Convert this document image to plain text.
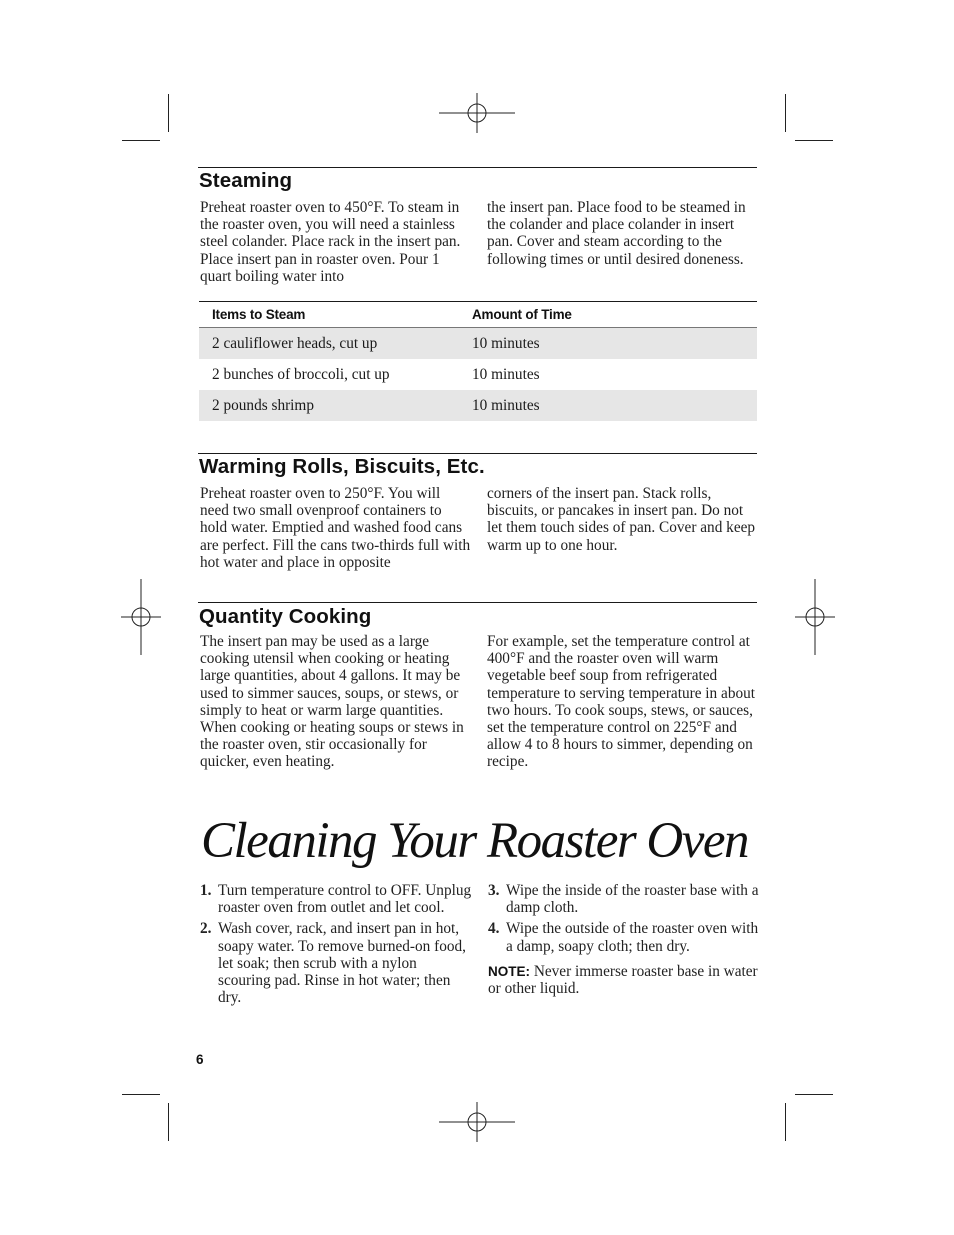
Steaming

Preheat roaster oven to 450°F. To steam in the roaster oven, you will need a stainless steel colander. Place rack in the insert pan. Place insert pan in roaster oven. Pour 1 quart boiling water into

the insert pan. Place food to be steamed in the colander and place colander in insert pan. Cover and steam according to the following times or until desired doneness.

Items to Steam	Amount of Time
2 cauliflower heads, cut up	10 minutes
2 bunches of broccoli, cut up	10 minutes
2 pounds shrimp	10 minutes
Warming Rolls, Biscuits, Etc.

Preheat roaster oven to 250°F. You will need two small ovenproof containers to hold water. Emptied and washed food cans are perfect. Fill the cans two-thirds full with hot water and place in opposite

corners of the insert pan. Stack rolls, biscuits, or pancakes in insert pan. Do not let them touch sides of pan. Cover and keep warm up to one hour.

Quantity Cooking

The insert pan may be used as a large cooking utensil when cooking or heating large quantities, about 4 gallons. It may be used to simmer sauces, soups, or stews, or simply to heat or warm large quantities. When cooking or heating soups or stews in the roaster oven, stir occasionally for quicker, even heating.

For example, set the temperature control at 400°F and the roaster oven will warm vegetable beef soup from refrigerated temperature to serving temperature in about two hours. To cook soups, stews, or sauces, set the temperature control on 225°F and allow 4 to 8 hours to simmer, depending on recipe.

Cleaning Your Roaster Oven
1. Turn temperature control to OFF. Unplug roaster oven from outlet and let cool.
2. Wash cover, rack, and insert pan in hot, soapy water. To remove burned-on food, let soak; then scrub with a nylon scouring pad. Rinse in hot water; then dry.
3. Wipe the inside of the roaster base with a damp cloth.
4. Wipe the outside of the roaster oven with a damp, soapy cloth; then dry.

NOTE: Never immerse roaster base in water or other liquid.

6
